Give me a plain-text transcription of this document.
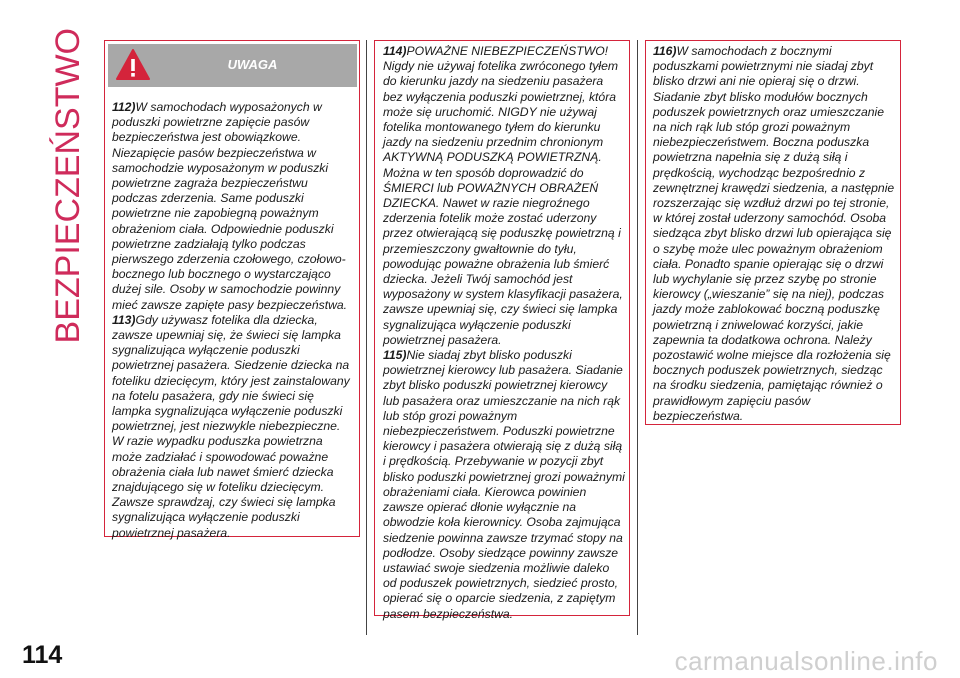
BEZPIECZEŃSTWO	UWAGA

112)W samochodach wyposażonych w poduszki powietrzne zapięcie pasów bezpieczeństwa jest obowiązkowe. Niezapięcie pasów bezpieczeństwa w samochodzie wyposażonym w poduszki powietrzne zagraża bezpieczeństwu podczas zderzenia. Same poduszki powietrzne nie zapobiegną poważnym obrażeniom ciała. Odpowiednie poduszki powietrzne zadziałają tylko podczas pierwszego zderzenia czołowego, czołowo-bocznego lub bocznego o wystarczająco dużej sile. Osoby w samochodzie powinny mieć zawsze zapięte pasy bezpieczeństwa.

113)Gdy używasz fotelika dla dziecka, zawsze upewniaj się, że świeci się lampka sygnalizująca wyłączenie poduszki powietrznej pasażera. Siedzenie dziecka na foteliku dziecięcym, który jest zainstalowany na fotelu pasażera, gdy nie świeci się lampka sygnalizująca wyłączenie poduszki powietrznej, jest niezwykle niebezpieczne. W razie wypadku poduszka powietrzna może zadziałać i spowodować poważne obrażenia ciała lub nawet śmierć dziecka znajdującego się w foteliku dziecięcym. Zawsze sprawdzaj, czy świeci się lampka sygnalizująca wyłączenie poduszki powietrznej pasażera.

114)POWAŻNE NIEBEZPIECZEŃSTWO! Nigdy nie używaj fotelika zwróconego tyłem do kierunku jazdy na siedzeniu pasażera bez wyłączenia poduszki powietrznej, która może się uruchomić. NIGDY nie używaj fotelika montowanego tyłem do kierunku jazdy na siedzeniu przednim chronionym AKTYWNĄ PODUSZKĄ POWIETRZNĄ. Można w ten sposób doprowadzić do ŚMIERCI lub POWAŻNYCH OBRAŻEŃ DZIECKA. Nawet w razie niegroźnego zderzenia fotelik może zostać uderzony przez otwierającą się poduszkę powietrzną i przemieszczony gwałtownie do tyłu, powodując poważne obrażenia lub śmierć dziecka. Jeżeli Twój samochód jest wyposażony w system klasyfikacji pasażera, zawsze upewniaj się, czy świeci się lampka sygnalizująca wyłączenie poduszki powietrznej pasażera.

115)Nie siadaj zbyt blisko poduszki powietrznej kierowcy lub pasażera. Siadanie zbyt blisko poduszki powietrznej kierowcy lub pasażera oraz umieszczanie na nich rąk lub stóp grozi poważnym niebezpieczeństwem. Poduszki powietrzne kierowcy i pasażera otwierają się z dużą siłą i prędkością. Przebywanie w pozycji zbyt blisko poduszki powietrznej grozi poważnymi obrażeniami ciała. Kierowca powinien zawsze opierać dłonie wyłącznie na obwodzie koła kierownicy. Osoba zajmująca siedzenie powinna zawsze trzymać stopy na podłodze. Osoby siedzące powinny zawsze ustawiać swoje siedzenia możliwie daleko od poduszek powietrznych, siedzieć prosto, opierać się o oparcie siedzenia, z zapiętym pasem bezpieczeństwa.

116)W samochodach z bocznymi poduszkami powietrznymi nie siadaj zbyt blisko drzwi ani nie opieraj się o drzwi. Siadanie zbyt blisko modułów bocznych poduszek powietrznych oraz umieszczanie na nich rąk lub stóp grozi poważnym niebezpieczeństwem. Boczna poduszka powietrzna napełnia się z dużą siłą i prędkością, wychodząc bezpośrednio z zewnętrznej krawędzi siedzenia, a następnie rozszerzając się wzdłuż drzwi po tej stronie, w której został uderzony samochód. Osoba siedząca zbyt blisko drzwi lub opierająca się o szybę może ulec poważnym obrażeniom ciała. Ponadto spanie opierając się o drzwi lub wychylanie się przez szybę po stronie kierowcy („wieszanie” się na niej), podczas jazdy może zablokować boczną poduszkę powietrzną i zniwelować korzyści, jakie zapewnia ta dodatkowa ochrona. Należy pozostawić wolne miejsce dla rozłożenia się bocznych poduszek powietrznych, siedząc na środku siedzenia, pamiętając również o prawidłowym zapięciu pasów bezpieczeństwa.

114	carmanualsonline.info
